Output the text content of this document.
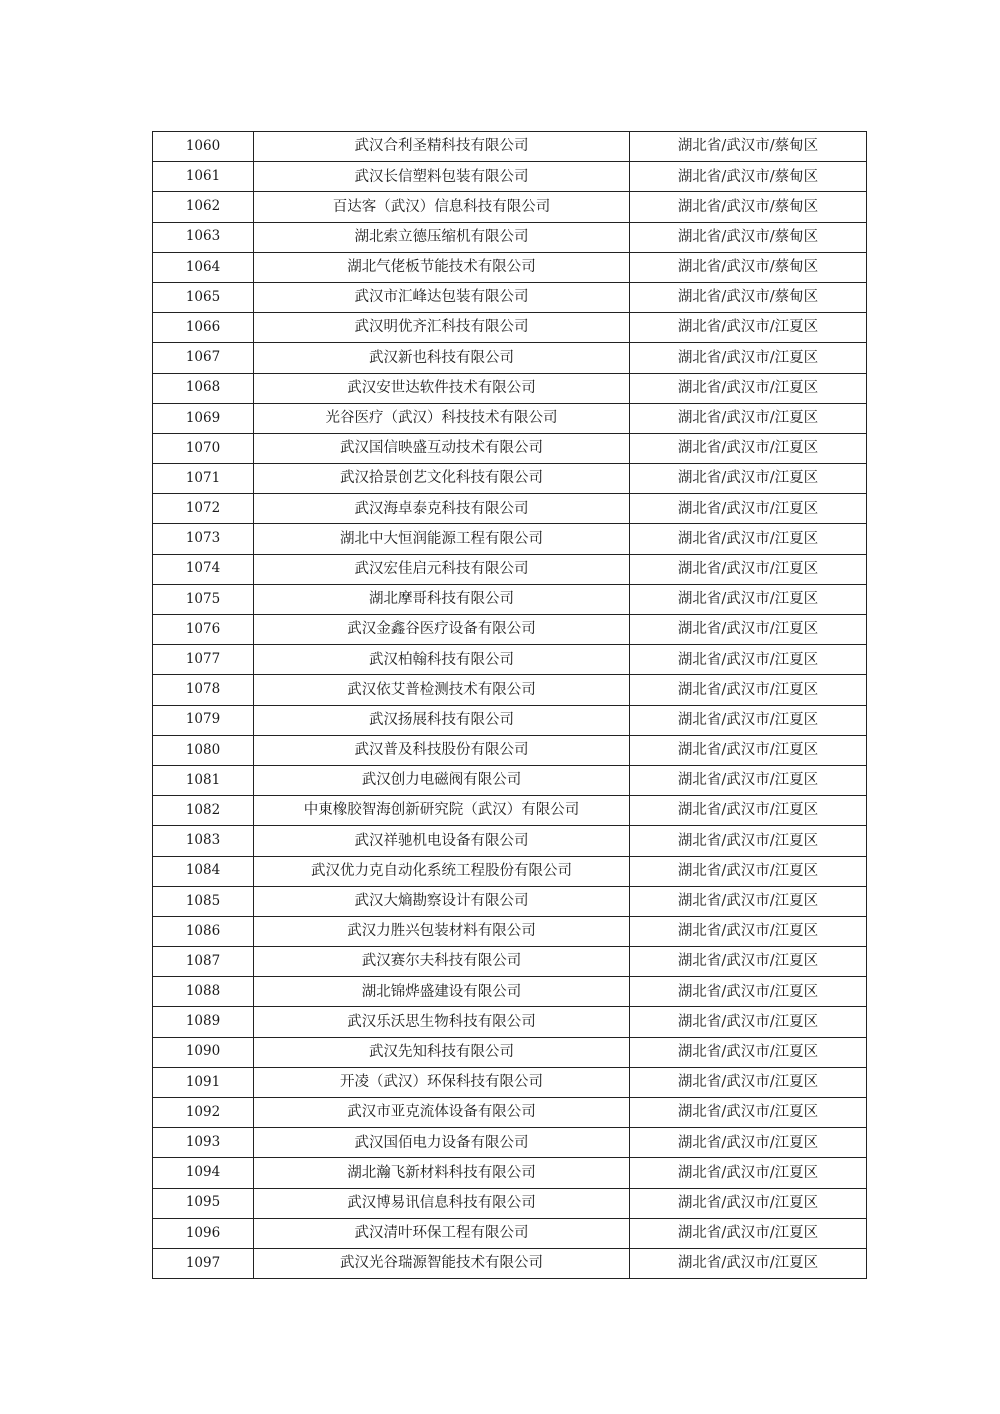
1060	武汉合利圣精科技有限公司	湖北省/武汉市/蔡甸区
1061	武汉长信塑料包装有限公司	湖北省/武汉市/蔡甸区
1062	百达客（武汉）信息科技有限公司	湖北省/武汉市/蔡甸区
1063	湖北索立德压缩机有限公司	湖北省/武汉市/蔡甸区
1064	湖北气佬板节能技术有限公司	湖北省/武汉市/蔡甸区
1065	武汉市汇峰达包装有限公司	湖北省/武汉市/蔡甸区
1066	武汉明优齐汇科技有限公司	湖北省/武汉市/江夏区
1067	武汉新也科技有限公司	湖北省/武汉市/江夏区
1068	武汉安世达软件技术有限公司	湖北省/武汉市/江夏区
1069	光谷医疗（武汉）科技技术有限公司	湖北省/武汉市/江夏区
1070	武汉国信映盛互动技术有限公司	湖北省/武汉市/江夏区
1071	武汉拾景创艺文化科技有限公司	湖北省/武汉市/江夏区
1072	武汉海卓泰克科技有限公司	湖北省/武汉市/江夏区
1073	湖北中大恒润能源工程有限公司	湖北省/武汉市/江夏区
1074	武汉宏佳启元科技有限公司	湖北省/武汉市/江夏区
1075	湖北摩哥科技有限公司	湖北省/武汉市/江夏区
1076	武汉金鑫谷医疗设备有限公司	湖北省/武汉市/江夏区
1077	武汉柏翰科技有限公司	湖北省/武汉市/江夏区
1078	武汉依艾普检测技术有限公司	湖北省/武汉市/江夏区
1079	武汉扬展科技有限公司	湖北省/武汉市/江夏区
1080	武汉普及科技股份有限公司	湖北省/武汉市/江夏区
1081	武汉创力电磁阀有限公司	湖北省/武汉市/江夏区
1082	中東橡胶智海创新研究院（武汉）有限公司	湖北省/武汉市/江夏区
1083	武汉祥驰机电设备有限公司	湖北省/武汉市/江夏区
1084	武汉优力克自动化系统工程股份有限公司	湖北省/武汉市/江夏区
1085	武汉大熵勘察设计有限公司	湖北省/武汉市/江夏区
1086	武汉力胜兴包装材料有限公司	湖北省/武汉市/江夏区
1087	武汉赛尔夫科技有限公司	湖北省/武汉市/江夏区
1088	湖北锦烨盛建设有限公司	湖北省/武汉市/江夏区
1089	武汉乐沃思生物科技有限公司	湖北省/武汉市/江夏区
1090	武汉先知科技有限公司	湖北省/武汉市/江夏区
1091	开凌（武汉）环保科技有限公司	湖北省/武汉市/江夏区
1092	武汉市亚克流体设备有限公司	湖北省/武汉市/江夏区
1093	武汉国佰电力设备有限公司	湖北省/武汉市/江夏区
1094	湖北瀚飞新材料科技有限公司	湖北省/武汉市/江夏区
1095	武汉博易讯信息科技有限公司	湖北省/武汉市/江夏区
1096	武汉清叶环保工程有限公司	湖北省/武汉市/江夏区
1097	武汉光谷瑞源智能技术有限公司	湖北省/武汉市/江夏区
